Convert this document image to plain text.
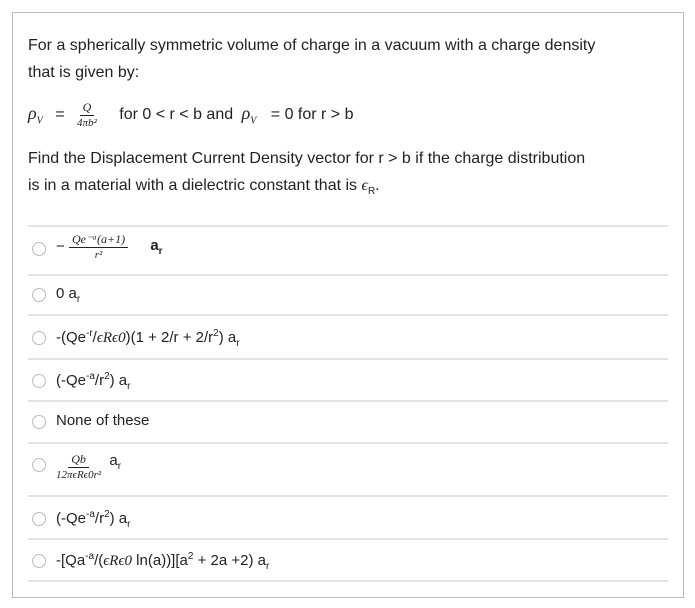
For a spherically symmetric volume of charge in a vacuum with a charge density
that is given by:
$\rho_V = \frac{Q}{\text{4πb²}}$ for 0 < r < b and $\rho_V = 0$ for r > b
Find the Displacement Current Density vector for r > b if the charge distribution
is in a material with a dielectric constant that is $\epsilon_R$.
− $\frac{\text{Qe⁻ᵃ(a+1)}}{\text{r²}} a_r$
0 $a_r$
$-(Qe^{-r}/\epsilon R\epsilon 0)(1 + 2/r + 2/r^2)$ $a_r$
$(-Qe^{-a}/r^2)$ $a_r$
None of these
$\frac{Qb}{\text{12πϵRϵ0r²}} a_r$
$(-Qe^{-a}/r^2)$ $a_r$
$-[Qa^{-a}/(\epsilon R\epsilon 0$ $\ln(a))][a^2 + 2a +2)$ $a_r$
